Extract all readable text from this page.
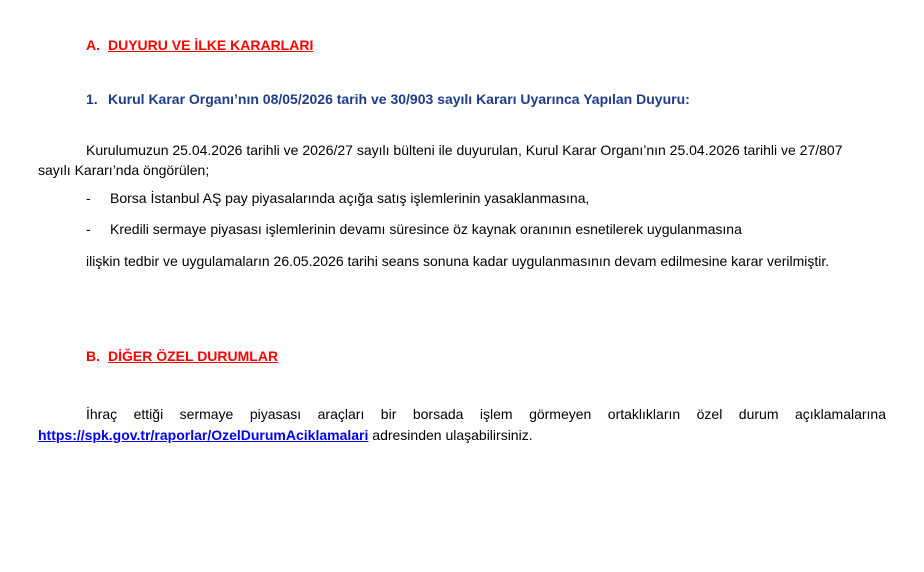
A. DUYURU VE İLKE KARARLARI
1. Kurul Karar Organı’nın 08/05/2026 tarih ve 30/903 sayılı Kararı Uyarınca Yapılan Duyuru:
Kurulumuzun 25.04.2026 tarihli ve 2026/27 sayılı bülteni ile duyurulan, Kurul Karar Organı’nın 25.04.2026 tarihli ve 27/807
sayılı Kararı’nda öngörülen;
- Borsa İstanbul AŞ pay piyasalarında açığa satış işlemlerinin yasaklanmasına,
- Kredili sermaye piyasası işlemlerinin devamı süresince öz kaynak oranının esnetilerek uygulanmasına
ilişkin tedbir ve uygulamaların 26.05.2026 tarihi seans sonuna kadar uygulanmasının devam edilmesine karar verilmiştir.
B. DİĞER ÖZEL DURUMLAR
İhraç ettiği sermaye piyasası araçları bir borsada işlem görmeyen ortaklıkların özel durum açıklamalarına
https://spk.gov.tr/raporlar/OzelDurumAciklamalari adresinden ulaşabilirsiniz.
